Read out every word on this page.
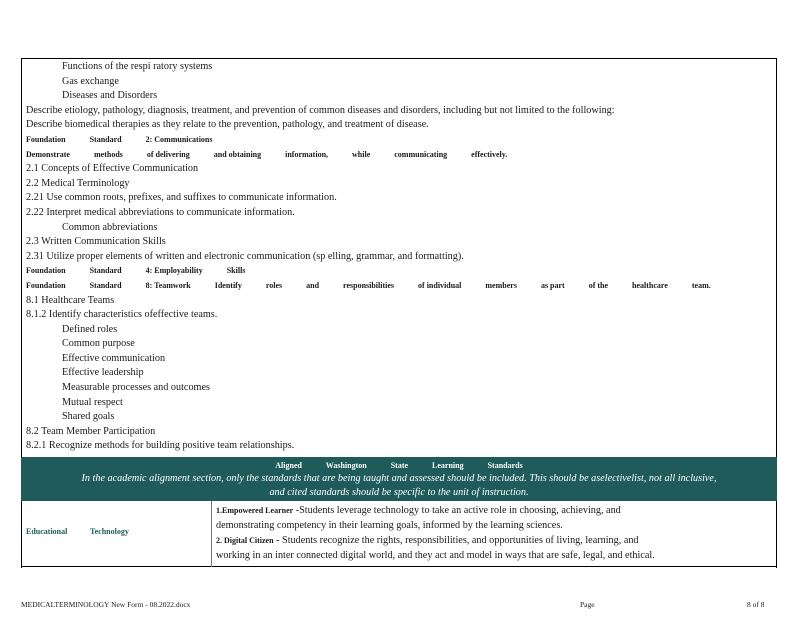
Functions of the respi ratory systems
Gas exchange
Diseases and Disorders
Describe etiology, pathology, diagnosis, treatment, and prevention of common diseases and disorders, including but not limited to the following:
Describe biomedical therapies as they relate to the prevention, pathology, and treatment of disease.
Foundation	Standard	2: Communications
Demonstrate	methods	of delivering	and obtaining	information,	while	communicating	effectively.
2.1 Concepts of Effective Communication
2.2 Medical Terminology
2.21 Use common roots, prefixes, and suffixes to communicate information.
2.22 Interpret medical abbreviations to communicate information.
Common abbreviations
2.3 Written Communication Skills
2.31 Utilize proper elements of written and electronic communication (sp elling, grammar, and formatting).
Foundation	Standard	4: Employability	Skills
Foundation	Standard	8: Teamwork	Identify	roles	and	responsibilities	of individual	members	as part	of the	healthcare	team.
8.1 Healthcare Teams
8.1.2 Identify characteristics ofeffective teams.
Defined roles
Common purpose
Effective communication
Effective leadership
Measurable processes and outcomes
Mutual respect
Shared goals
8.2 Team Member Participation
8.2.1 Recognize methods for building positive team relationships.
Aligned Washington State Learning Standards
In the academic alignment section, only the standards that are being taught and assessed should be included. This should be aselectivelist, not all inclusive,
and cited standards should be specific to the unit of instruction.
Educational	Technology
1.Empowered Learner -Students leverage technology to take an active role in choosing, achieving, and
demonstrating competency in their learning goals, informed by the learning sciences.
2. Digital Citizen - Students recognize the rights, responsibilities, and opportunities of living, learning, and
working in an inter connected digital world, and they act and model in ways that are safe, legal, and ethical.
MEDICALTERMINOLOGY New Form - 08.2022.docx	Page	8 of 8
